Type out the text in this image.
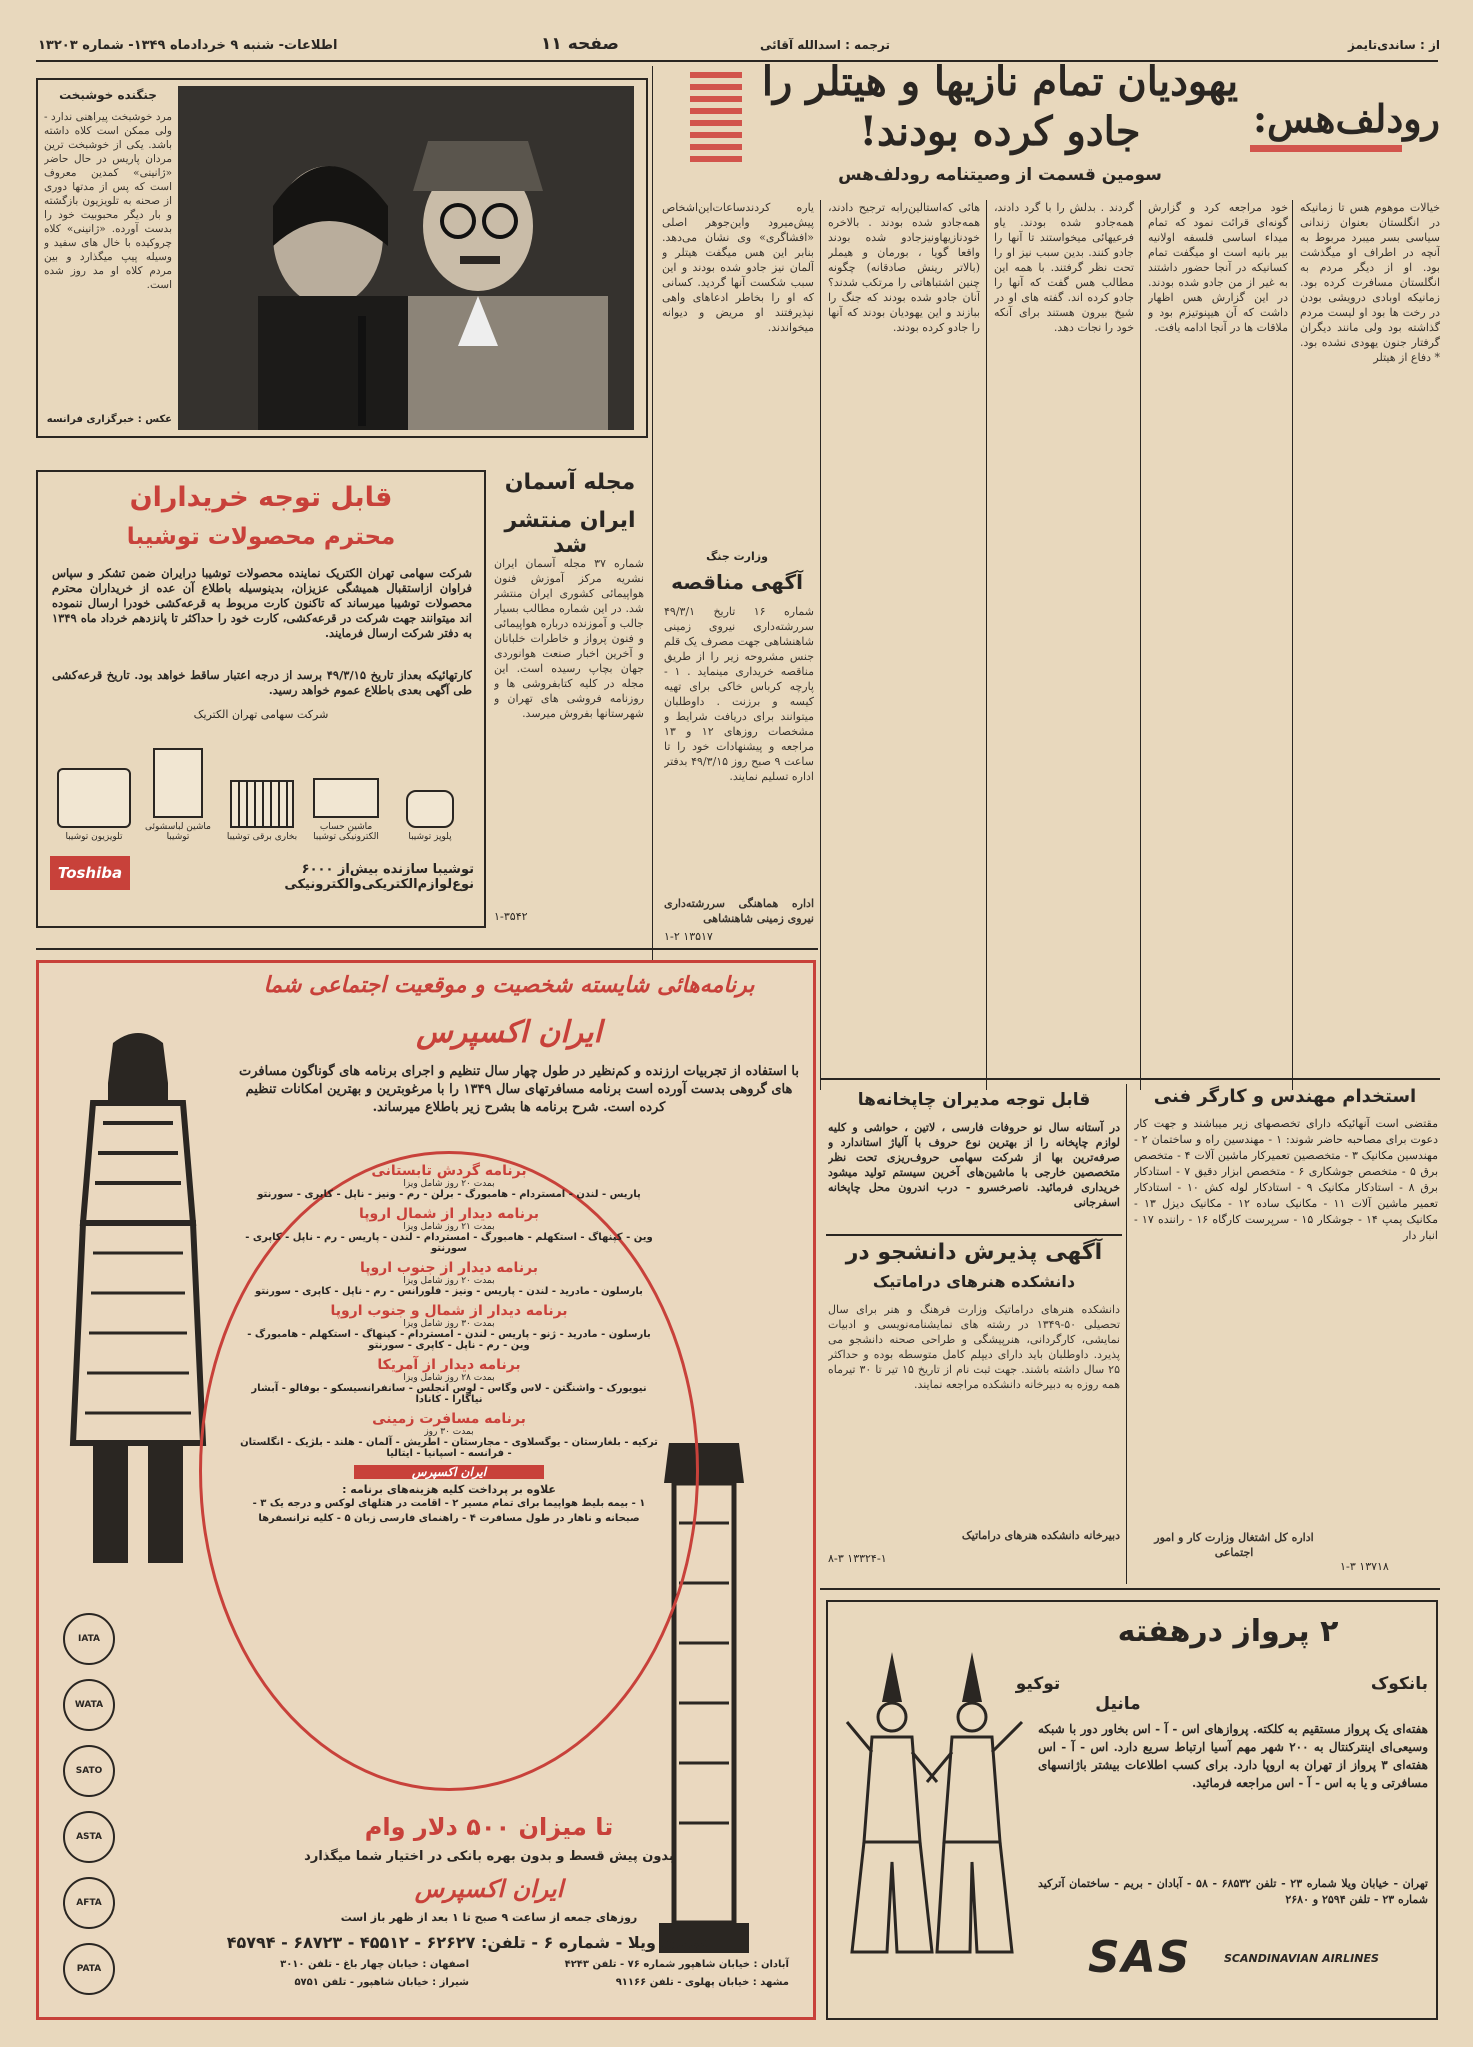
اطلاعات- شنبه ۹ خردادماه ۱۳۴۹- شماره ۱۳۲۰۳	صفحه ۱۱	ترجمه : اسدالله آقائی	از : ساندی‌تایمز
رودلف‌هس:
یهودیان تمام نازیها و هیتلر را
جادو کرده بودند!
سومین قسمت از وصیتنامه رودلف‌هس

خیالات موهوم هس تا زمانیکه در انگلستان بعنوان زندانی سیاسی بسر میبرد مربوط به آنچه در اطراف او میگذشت بود. او از دیگر مردم به انگلستان مسافرت کرده بود. زمانیکه اوبادی درویشی بودن در رخت ها بود او لیست مردم گذاشته بود ولی مانند دیگران گرفتار جنون یهودی نشده بود. * دفاع از هیتلر

خود مراجعه کرد و گزارش گونه‌ای قرائت نمود که تمام میداء اساسی فلسفه اولانیه بیر بانیه است او میگفت تمام کسانیکه در آنجا حضور داشتند به غیر از من جادو شده بودند. در این گزارش هس اظهار داشت که آن هیپنوتیزم بود و ملاقات ها در آنجا ادامه یافت.

گردند . بدلش را با گرد دادند، همه‌جادو شده بودند. یاو فرعیهائی میخواستند تا آنها را جادو کنند. بدین سبب نیز او را تحت نظر گرفتند. با همه این مطالب هس گفت که آنها را جادو کرده اند. گفته های او در شیخ بیرون هستند برای آنکه خود را نجات دهد.

هائی که‌استالین‌رابه ترجیح دادند، همه‌جادو شده بودند . بالاخره خودنازیهاونیزجادو شده بودند واقعا گویا ، بورمان و هیملر (بالاتر رینش صادقانه) چگونه چنین اشتباهاتی را مرتکب شدند؟ آنان جادو شده بودند که جنگ را ببازند و این یهودیان بودند که آنها را جادو کرده بودند.

یاره کردند‌ساعات‌این‌اشخاص پیش‌میرود واین‌جوهر اصلی «افشاگری» وی نشان می‌دهد. بنابر این هس میگفت هیتلر و آلمان نیز جادو شده بودند و این سبب شکست آنها گردید. کسانی که او را بخاطر ادعاهای واهی نپذیرفتند او مریض و دیوانه میخواندند.

جنگنده خوشبخت
مرد خوشبخت پیراهنی ندارد - ولی ممکن است کلاه داشته باشد. یکی از خوشبخت ترین مردان پاریس در حال حاضر «ژانینی» کمدین معروف است که پس از مدتها دوری از صحنه به تلویزیون بازگشته و بار دیگر محبوبیت خود را بدست آورده. «ژانینی» کلاه چروکیده با خال های سفید و وسیله پیپ میگذارد و بین مردم کلاه او مد روز شده است.
عکس : خبرگزاری فرانسه
قابل توجه خریداران
محترم محصولات توشیبا
شرکت سهامی تهران الکتریک نماینده محصولات توشیبا درایران ضمن تشکر و سپاس فراوان ازاستقبال همیشگی عزیزان، بدینوسیله باطلاع آن عده از خریداران محترم محصولات توشیبا میرساند که تاکنون کارت مربوط به قرعه‌کشی خودرا ارسال ننموده اند میتوانند جهت شرکت در قرعه‌کشی، کارت خود را حداکثر تا پانزدهم خرداد ماه ۱۳۴۹ به دفتر شرکت ارسال فرمایند.
کارتهائیکه بعداز تاریخ ۴۹/۳/۱۵ برسد از درجه اعتبار ساقط خواهد بود. تاریخ قرعه‌کشی طی آگهی بعدی باطلاع عموم خواهد رسید.
شرکت سهامی تهران الکتریک
تلویزیون توشیبا
ماشین لباسشوئی توشیبا	بخاری برقی توشیبا
ماشین حساب الکترونیکی توشیبا	پلوپز توشیبا
Toshiba	توشیبا سازنده بیش‌از ۶۰۰۰ نوع‌لوازم‌الکتریکی‌والکترونیکی
مجله آسمان
ایران منتشر شد
شماره ۳۷ مجله آسمان ایران نشریه مرکز آموزش فنون هواپیمائی کشوری ایران منتشر شد. در این شماره مطالب بسیار جالب و آموزنده درباره هواپیمائی و فنون پرواز و خاطرات خلبانان و آخرین اخبار صنعت هوانوردی جهان بچاپ رسیده است. این مجله در کلیه کتابفروشی ها و روزنامه فروشی های تهران و شهرستانها بفروش میرسد.
۱-۳۵۴۲
وزارت جنگ
آگهی مناقصه
شماره ۱۶ تاریخ ۴۹/۳/۱ سررشته‌داری نیروی زمینی شاهنشاهی جهت مصرف یک قلم جنس مشروحه زیر را از طریق مناقصه خریداری مینماید . ۱ - پارچه کرباس خاکی برای تهیه کیسه و برزنت . داوطلبان میتوانند برای دریافت شرایط و مشخصات روزهای ۱۲ و ۱۳ مراجعه و پیشنهادات خود را تا ساعت ۹ صبح روز ۴۹/۳/۱۵ بدفتر اداره تسلیم نمایند.
اداره هماهنگی سررشته‌داری نیروی زمینی شاهنشاهی
۱-۲ ۱۳۵۱۷
برنامه‌هائی شایسته شخصیت و موقعیت اجتماعی شما
ایران اکسپرس
با استفاده از تجربیات ارزنده و کم‌نظیر در طول چهار سال تنظیم و اجرای برنامه های گوناگون مسافرت های گروهی بدست آورده است برنامه مسافرتهای سال ۱۳۴۹ را با مرغوبترین و بهترین امکانات تنظیم کرده است. شرح برنامه ها بشرح زیر باطلاع میرساند.
برنامه گردش تابستانی
بمدت ۲۰ روز شامل ویزا
پاریس - لندن - امستردام - هامبورگ - برلن - رم - ونیز - ناپل - کاپری - سورنتو
برنامه دیدار از شمال اروپا
بمدت ۲۱ روز شامل ویزا
وین - کپنهاگ - استکهلم - هامبورگ - امستردام - لندن - پاریس - رم - ناپل - کاپری - سورنتو
برنامه دیدار از جنوب اروپا
بمدت ۲۰ روز شامل ویزا
بارسلون - مادرید - لندن - پاریس - ونیز - فلورانس - رم - ناپل - کاپری - سورنتو
برنامه دیدار از شمال و جنوب اروپا
بمدت ۳۰ روز شامل ویزا
بارسلون - مادرید - ژنو - پاریس - لندن - امستردام - کپنهاگ - استکهلم - هامبورگ - وین - رم - ناپل - کاپری - سورنتو
برنامه دیدار از آمریکا
بمدت ۲۸ روز شامل ویزا
نیویورک - واشنگتن - لاس وگاس - لوس انجلس - سانفرانسیسکو - بوفالو - آبشار نیاگارا - کانادا
برنامه مسافرت زمینی
بمدت ۳۰ روز
ترکیه - بلغارستان - یوگسلاوی - مجارستان - اطریش - آلمان - هلند - بلژیک - انگلستان - فرانسه - اسپانیا - ایتالیا
ایران اکسپرس
علاوه بر پرداخت کلیه هزینه‌های برنامه :
۱ - بیمه بلیط هواپیما برای تمام مسیر ۲ - اقامت در هتلهای لوکس و درجه یک ۳ - صبحانه و ناهار در طول مسافرت ۴ - راهنمای فارسی زبان ۵ - کلیه ترانسفرها
IATA
WATA
SATO
ASTA
AFTA
PATA
تا میزان ۵۰۰ دلار وام
بدون پیش قسط و بدون بهره بانکی در اختیار شما میگذارد
ایران اکسپرس
روزهای جمعه از ساعت ۹ صبح تا ۱ بعد از ظهر باز است
خیابان ویلا - شماره ۶ - تلفن: ۶۲۶۲۷ - ۴۵۵۱۲ - ۶۸۷۲۳ - ۴۵۷۹۴
آبادان : خیابان شاهپور شماره ۷۶ - تلفن ۴۲۴۳
اصفهان : خیابان چهار باغ - تلفن ۳۰۱۰
مشهد : خیابان پهلوی - تلفن ۹۱۱۶۶
شیراز : خیابان شاهپور - تلفن ۵۷۵۱
استخدام مهندس و کارگر فنی
مقتضی است آنهائیکه دارای تخصصهای زیر میباشند و جهت کار دعوت برای مصاحبه حاضر شوند: ۱ - مهندسین راه و ساختمان ۲ - مهندسین مکانیک ۳ - متخصصین تعمیرکار ماشین آلات ۴ - متخصص برق ۵ - متخصص جوشکاری ۶ - متخصص ابزار دقیق ۷ - استادکار برق ۸ - استادکار مکانیک ۹ - استادکار لوله کش ۱۰ - استادکار تعمیر ماشین آلات ۱۱ - مکانیک ساده ۱۲ - مکانیک دیزل ۱۳ - مکانیک پمپ ۱۴ - جوشکار ۱۵ - سرپرست کارگاه ۱۶ - راننده ۱۷ - انبار دار
اداره کل اشتغال وزارت کار و امور اجتماعی
۱-۳ ۱۳۷۱۸
قابل توجه مدیران چاپخانه‌ها
در آستانه سال نو حروفات فارسی ، لاتین ، حواشی و کلیه لوازم چاپخانه را از بهترین نوع حروف با آلیاژ استاندارد و صرفه‌ترین بها از شرکت سهامی حروف‌ریزی تحت نظر متخصصین خارجی با ماشین‌های آخرین سیستم تولید میشود خریداری فرمائید. ناصرخسرو - درب اندرون محل چاپخانه اسفرجانی
آگهی پذیرش دانشجو در
دانشکده هنرهای دراماتیک
دانشکده هنرهای دراماتیک وزارت فرهنگ و هنر برای سال تحصیلی ۵۰-۱۳۴۹ در رشته های نمایشنامه‌نویسی و ادبیات نمایشی، کارگردانی، هنرپیشگی و طراحی صحنه دانشجو می پذیرد. داوطلبان باید دارای دیپلم کامل متوسطه بوده و حداکثر ۲۵ سال داشته باشند. جهت ثبت نام از تاریخ ۱۵ تیر تا ۳۰ تیرماه همه روزه به دبیرخانه دانشکده مراجعه نمایند.
دبیرخانه دانشکده هنرهای دراماتیک
۸-۳ ۱۳۳۲۴-۱
۲ پرواز درهفته
بانکوک
مانیل
توکیو
هفته‌ای یک پرواز مستقیم به کلکته. پروازهای اس - آ - اس بخاور دور با شبکه وسیعی‌ای اینترکنتال به ۲۰۰ شهر مهم آسیا ارتباط سریع دارد. اس - آ - اس هفته‌ای ۳ پرواز از تهران به اروپا دارد. برای کسب اطلاعات بیشتر باژانسهای مسافرتی و یا به اس - آ - اس مراجعه فرمائید.
تهران - خیابان ویلا شماره ۲۳ - تلفن ۶۸۵۳۲ - ۵۸ - آبادان - بریم - ساختمان آترکید شماره ۲۳ - تلفن ۲۵۹۴ و ۲۶۸۰
SAS	SCANDINAVIAN AIRLINES
